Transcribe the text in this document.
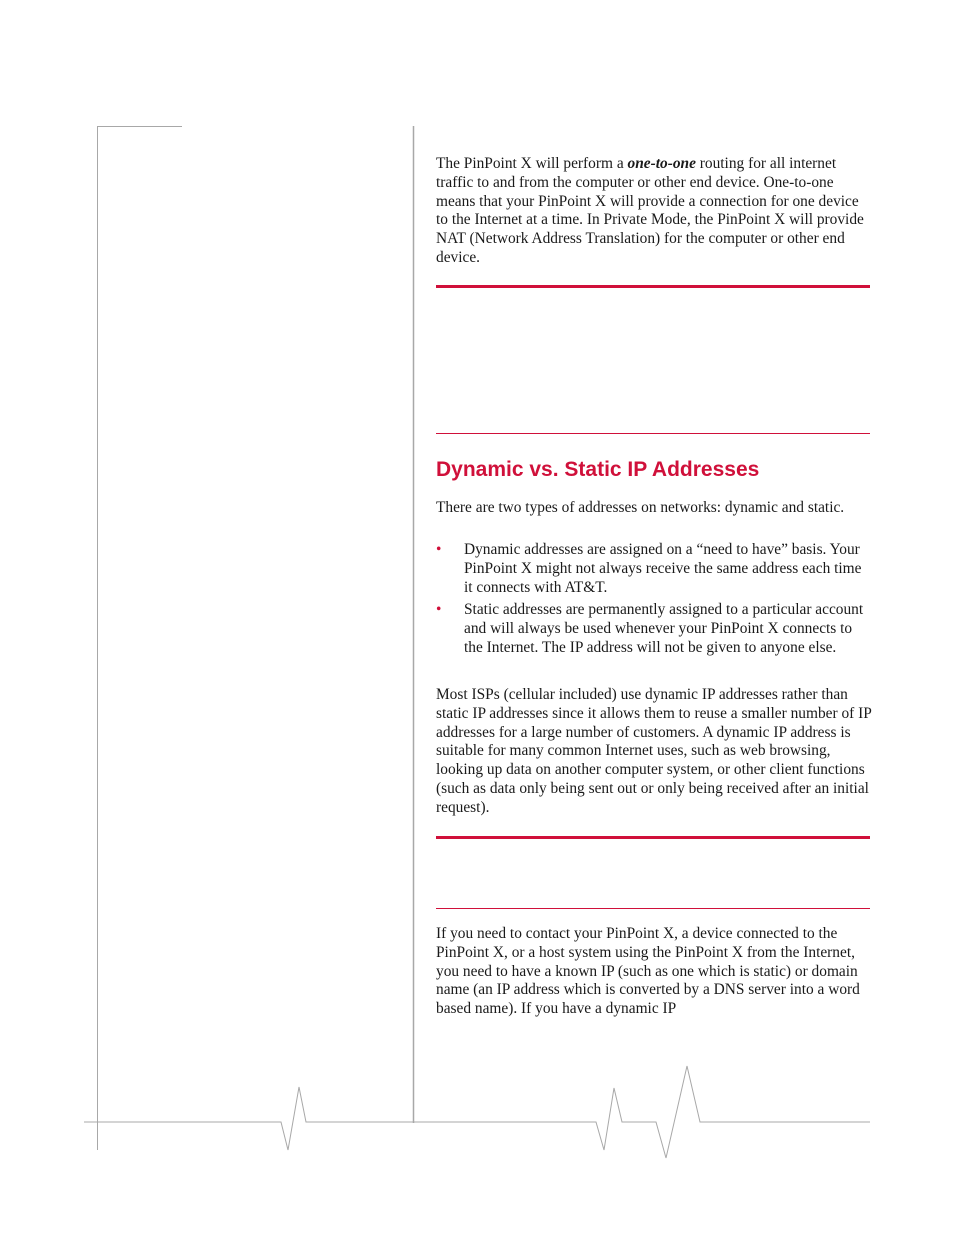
The PinPoint X will perform a one-to-one routing for all internet traffic to and from the computer or other end device. One-to-one means that your PinPoint X will provide a connection for one device to the Internet at a time. In Private Mode, the PinPoint X will provide NAT (Network Address Translation) for the computer or other end device.
Dynamic vs. Static IP Addresses
There are two types of addresses on networks: dynamic and static.
• Dynamic addresses are assigned on a “need to have” basis. Your PinPoint X might not always receive the same address each time it connects with AT&T.
• Static addresses are permanently assigned to a particular account and will always be used whenever your PinPoint X connects to the Internet. The IP address will not be given to anyone else.
Most ISPs (cellular included) use dynamic IP addresses rather than static IP addresses since it allows them to reuse a smaller number of IP addresses for a large number of customers. A dynamic IP address is suitable for many common Internet uses, such as web browsing, looking up data on another computer system, or other client functions (such as data only being sent out or only being received after an initial request).
If you need to contact your PinPoint X, a device connected to the PinPoint X, or a host system using the PinPoint X from the Internet, you need to have a known IP (such as one which is static) or domain name (an IP address which is converted by a DNS server into a word based name). If you have a dynamic IP
